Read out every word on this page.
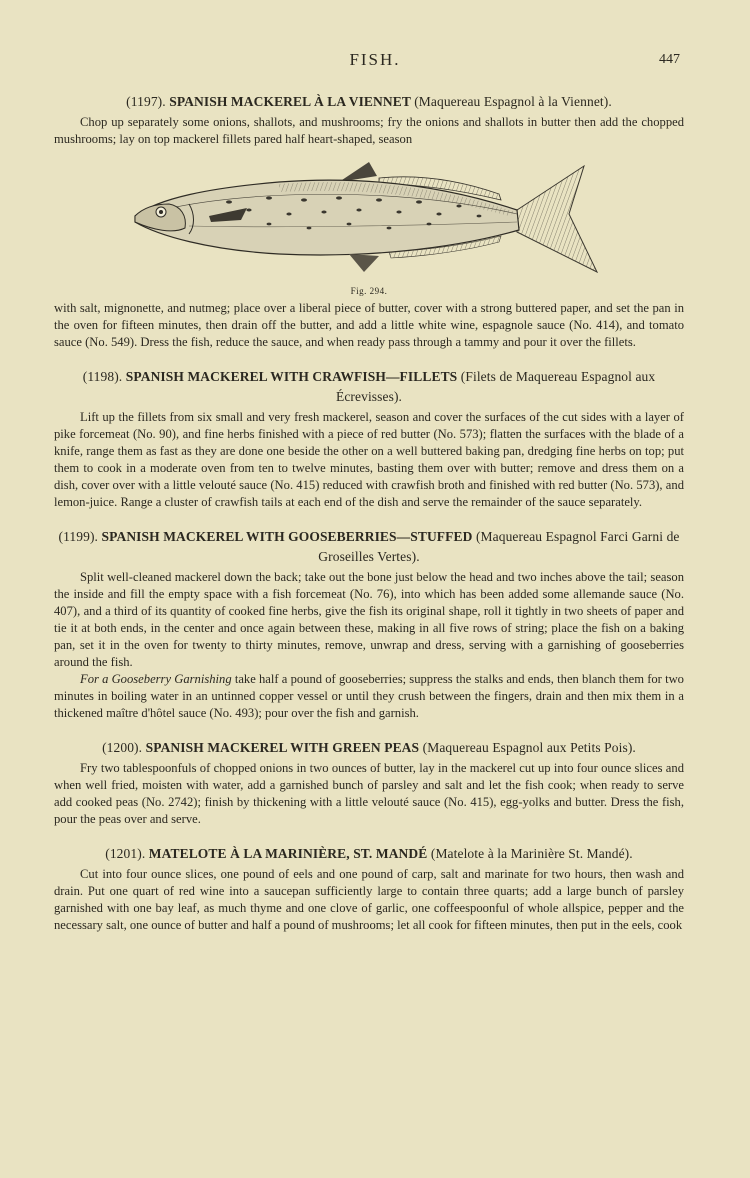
FISH.	447
(1197). SPANISH MACKEREL À LA VIENNET (Maquereau Espagnol à la Viennet).

Chop up separately some onions, shallots, and mushrooms; fry the onions and shallots in butter then add the chopped mushrooms; lay on top mackerel fillets pared half heart-shaped, season

Fig. 294.

with salt, mignonette, and nutmeg; place over a liberal piece of butter, cover with a strong buttered paper, and set the pan in the oven for fifteen minutes, then drain off the butter, and add a little white wine, espagnole sauce (No. 414), and tomato sauce (No. 549). Dress the fish, reduce the sauce, and when ready pass through a tammy and pour it over the fillets.

(1198). SPANISH MACKEREL WITH CRAWFISH—FILLETS (Filets de Maquereau Espagnol aux Écrevisses).

Lift up the fillets from six small and very fresh mackerel, season and cover the surfaces of the cut sides with a layer of pike forcemeat (No. 90), and fine herbs finished with a piece of red butter (No. 573); flatten the surfaces with the blade of a knife, range them as fast as they are done one beside the other on a well buttered baking pan, dredging fine herbs on top; put them to cook in a moderate oven from ten to twelve minutes, basting them over with butter; remove and dress them on a dish, cover over with a little velouté sauce (No. 415) reduced with crawfish broth and finished with red butter (No. 573), and lemon-juice. Range a cluster of crawfish tails at each end of the dish and serve the remainder of the sauce separately.

(1199). SPANISH MACKEREL WITH GOOSEBERRIES—STUFFED (Maquereau Espagnol Farci Garni de Groseilles Vertes).

Split well-cleaned mackerel down the back; take out the bone just below the head and two inches above the tail; season the inside and fill the empty space with a fish forcemeat (No. 76), into which has been added some allemande sauce (No. 407), and a third of its quantity of cooked fine herbs, give the fish its original shape, roll it tightly in two sheets of paper and tie it at both ends, in the center and once again between these, making in all five rows of string; place the fish on a baking pan, set it in the oven for twenty to thirty minutes, remove, unwrap and dress, serving with a garnishing of gooseberries around the fish.

For a Gooseberry Garnishing take half a pound of gooseberries; suppress the stalks and ends, then blanch them for two minutes in boiling water in an untinned copper vessel or until they crush between the fingers, drain and then mix them in a thickened maître d'hôtel sauce (No. 493); pour over the fish and garnish.

(1200). SPANISH MACKEREL WITH GREEN PEAS (Maquereau Espagnol aux Petits Pois).

Fry two tablespoonfuls of chopped onions in two ounces of butter, lay in the mackerel cut up into four ounce slices and when well fried, moisten with water, add a garnished bunch of parsley and salt and let the fish cook; when ready to serve add cooked peas (No. 2742); finish by thickening with a little velouté sauce (No. 415), egg-yolks and butter. Dress the fish, pour the peas over and serve.

(1201). MATELOTE À LA MARINIÈRE, ST. MANDÉ (Matelote à la Marinière St. Mandé).

Cut into four ounce slices, one pound of eels and one pound of carp, salt and marinate for two hours, then wash and drain. Put one quart of red wine into a saucepan sufficiently large to contain three quarts; add a large bunch of parsley garnished with one bay leaf, as much thyme and one clove of garlic, one coffeespoonful of whole allspice, pepper and the necessary salt, one ounce of butter and half a pound of mushrooms; let all cook for fifteen minutes, then put in the eels, cook
